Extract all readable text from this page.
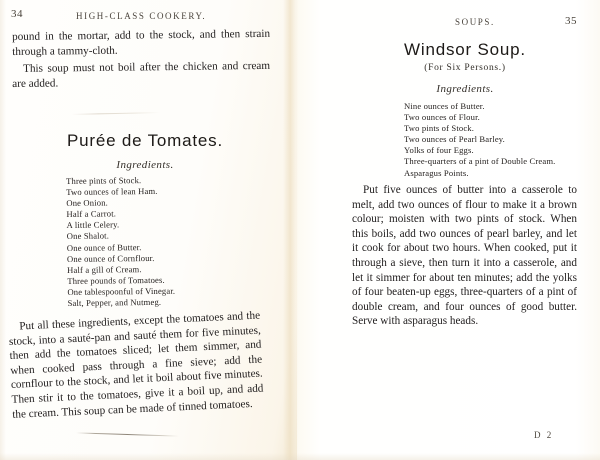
34	HIGH-CLASS COOKERY.

pound in the mortar, add to the stock, and then strain through a tammy-cloth.

This soup must not boil after the chicken and cream are added.

Purée de Tomates.
Ingredients.
Three pints of Stock.
Two ounces of lean Ham.
One Onion.
Half a Carrot.
A little Celery.
One Shalot.
One ounce of Butter.
One ounce of Cornflour.
Half a gill of Cream.
Three pounds of Tomatoes.
One tablespoonful of Vinegar.
Salt, Pepper, and Nutmeg.

Put all these ingredients, except the tomatoes and the stock, into a sauté-pan and sauté them for five minutes, then add the tomatoes sliced; let them simmer, and when cooked pass through a fine sieve; add the cornflour to the stock, and let it boil about five minutes. Then stir it to the tomatoes, give it a boil up, and add the cream. This soup can be made of tinned tomatoes.

SOUPS.	35
Windsor Soup.
(For Six Persons.)
Ingredients.
Nine ounces of Butter.
Two ounces of Flour.
Two pints of Stock.
Two ounces of Pearl Barley.
Yolks of four Eggs.
Three-quarters of a pint of Double Cream.
Asparagus Points.

Put five ounces of butter into a casserole to melt, add two ounces of flour to make it a brown colour; moisten with two pints of stock. When this boils, add two ounces of pearl barley, and let it cook for about two hours. When cooked, put it through a sieve, then turn it into a casserole, and let it simmer for about ten minutes; add the yolks of four beaten-up eggs, three-quarters of a pint of double cream, and four ounces of good butter. Serve with asparagus heads.

D 2
